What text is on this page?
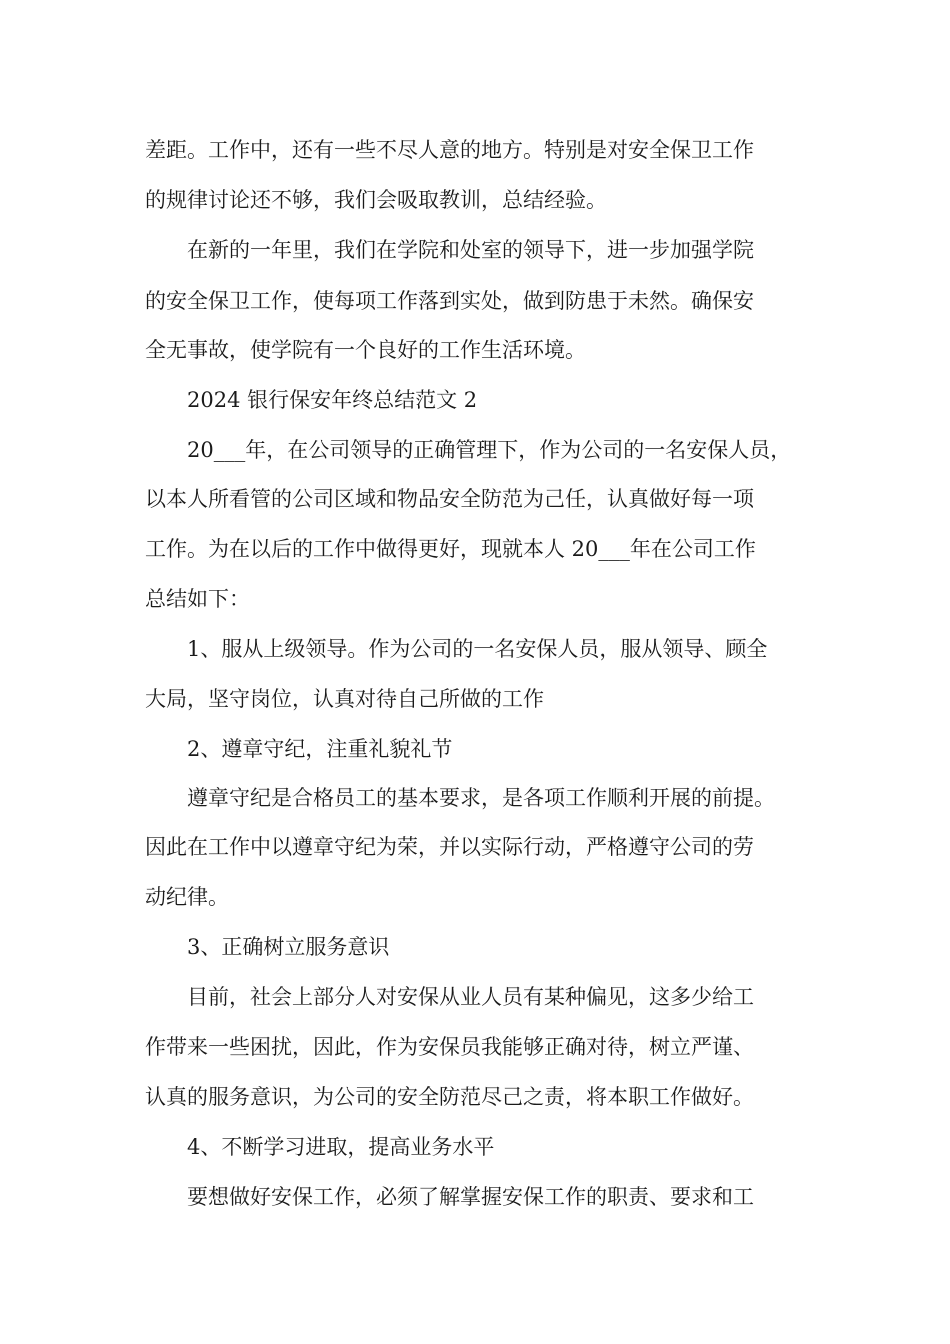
差距。工作中，还有一些不尽人意的地方。特别是对安全保卫工作

的规律讨论还不够，我们会吸取教训，总结经验。

在新的一年里，我们在学院和处室的领导下，进一步加强学院

的安全保卫工作，使每项工作落到实处，做到防患于未然。确保安

全无事故，使学院有一个良好的工作生活环境。

2024 银行保安年终总结范文 2

20___年，在公司领导的正确管理下，作为公司的一名安保人员，

以本人所看管的公司区域和物品安全防范为己任，认真做好每一项

工作。为在以后的工作中做得更好，现就本人 20___年在公司工作

总结如下：

1、服从上级领导。作为公司的一名安保人员，服从领导、顾全

大局，坚守岗位，认真对待自己所做的工作

2、遵章守纪，注重礼貌礼节

遵章守纪是合格员工的基本要求，是各项工作顺利开展的前提。

因此在工作中以遵章守纪为荣，并以实际行动，严格遵守公司的劳

动纪律。

3、正确树立服务意识

目前，社会上部分人对安保从业人员有某种偏见，这多少给工

作带来一些困扰，因此，作为安保员我能够正确对待，树立严谨、

认真的服务意识，为公司的安全防范尽己之责，将本职工作做好。

4、不断学习进取，提高业务水平

要想做好安保工作，必须了解掌握安保工作的职责、要求和工
